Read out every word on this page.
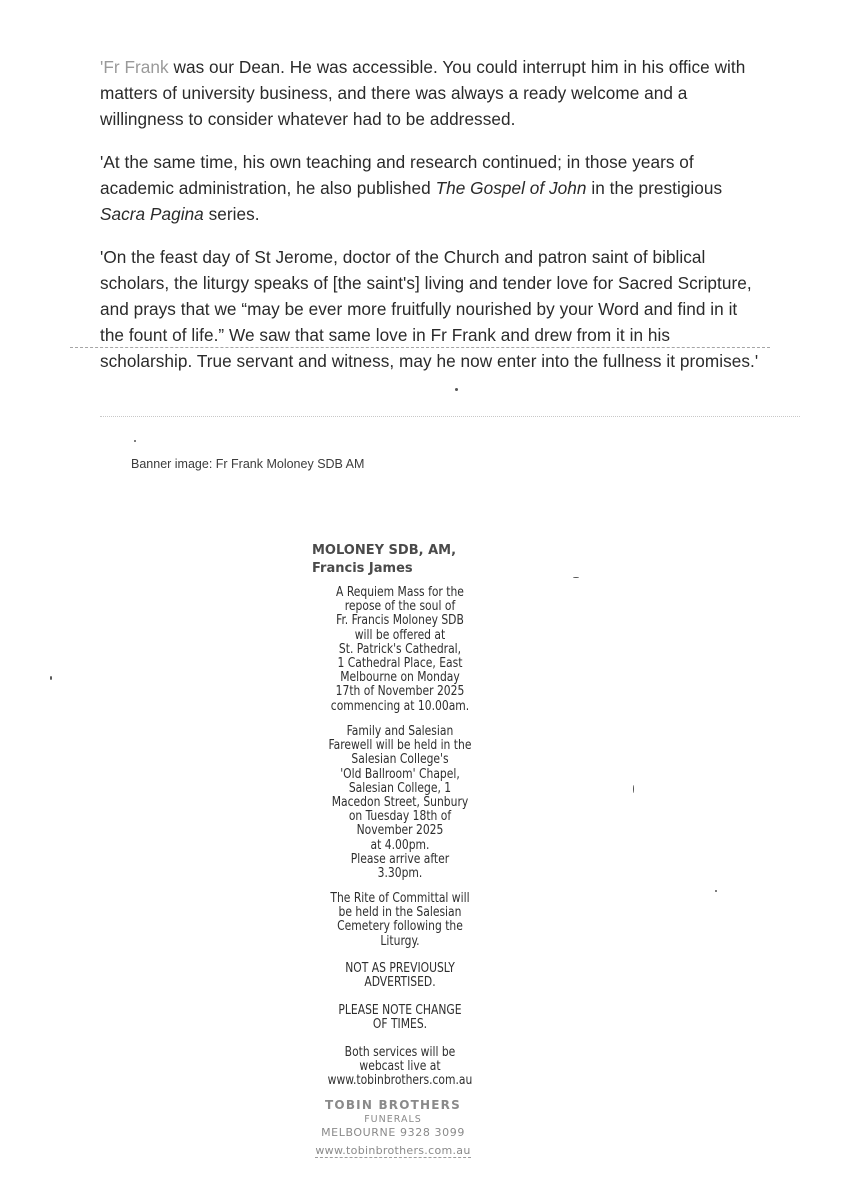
'Fr Frank was our Dean. He was accessible. You could interrupt him in his office with matters of university business, and there was always a ready welcome and a willingness to consider whatever had to be addressed.

'At the same time, his own teaching and research continued; in those years of academic administration, he also published The Gospel of John in the prestigious Sacra Pagina series.

'On the feast day of St Jerome, doctor of the Church and patron saint of biblical scholars, the liturgy speaks of [the saint's] living and tender love for Sacred Scripture, and prays that we “may be ever more fruitfully nourished by your Word and find in it the fount of life.” We saw that same love in Fr Frank and drew from it in his scholarship. True servant and witness, may he now enter into the fullness it promises.'

Banner image: Fr Frank Moloney SDB AM
MOLONEY SDB, AM,
Francis James

A Requiem Mass for the
repose of the soul of
Fr. Francis Moloney SDB
will be offered at
St. Patrick's Cathedral,
1 Cathedral Place, East
Melbourne on Monday
17th of November 2025
commencing at 10.00am.

Family and Salesian
Farewell will be held in the
Salesian College's
'Old Ballroom' Chapel,
Salesian College, 1
Macedon Street, Sunbury
on Tuesday 18th of
November 2025
at 4.00pm.
Please arrive after
3.30pm.

The Rite of Committal will
be held in the Salesian
Cemetery following the
Liturgy.

NOT AS PREVIOUSLY
ADVERTISED.

PLEASE NOTE CHANGE
OF TIMES.

Both services will be
webcast live at
www.tobinbrothers.com.au

TOBIN BROTHERS
FUNERALS
MELBOURNE 9328 3099
www.tobinbrothers.com.au
